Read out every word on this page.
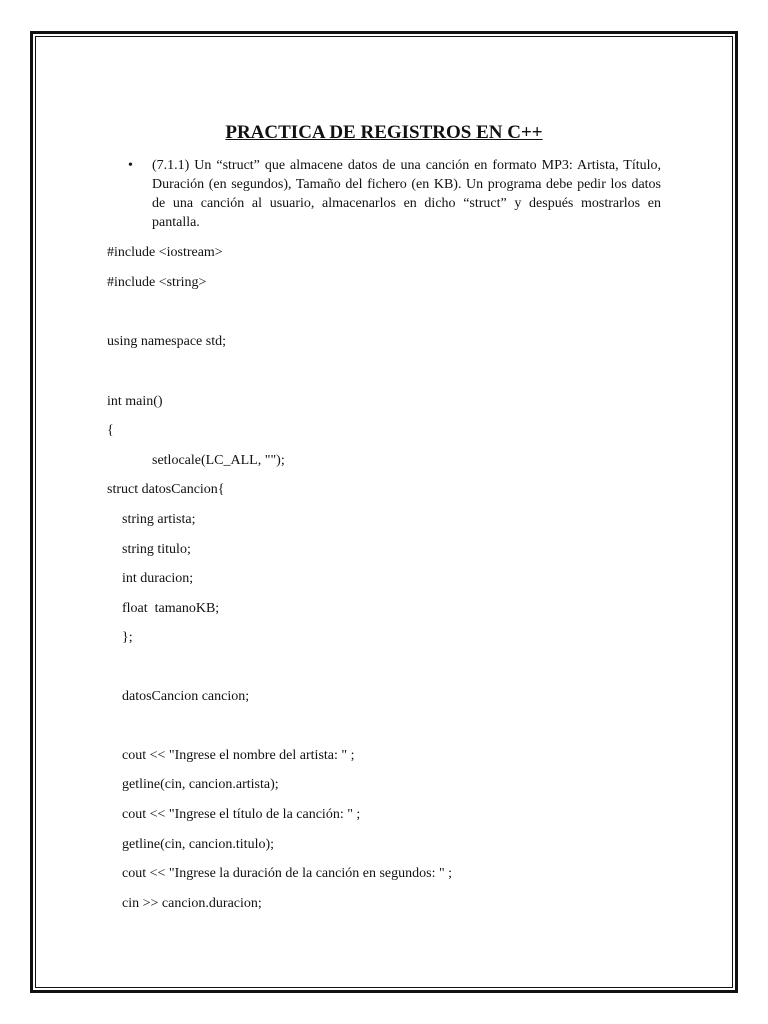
PRACTICA DE REGISTROS EN C++
• (7.1.1) Un “struct” que almacene datos de una canción en formato MP3: Artista, Título, Duración (en segundos), Tamaño del fichero (en KB). Un programa debe pedir los datos de una canción al usuario, almacenarlos en dicho “struct” y después mostrarlos en pantalla.
#include <iostream>
#include <string>
using namespace std;
int main()
{
setlocale(LC_ALL, "");
struct datosCancion{
string artista;
string titulo;
int duracion;
float  tamanoKB;
};
datosCancion cancion;
cout << "Ingrese el nombre del artista: " ;
getline(cin, cancion.artista);
cout << "Ingrese el título de la canción: " ;
getline(cin, cancion.titulo);
cout << "Ingrese la duración de la canción en segundos: " ;
cin >> cancion.duracion;
